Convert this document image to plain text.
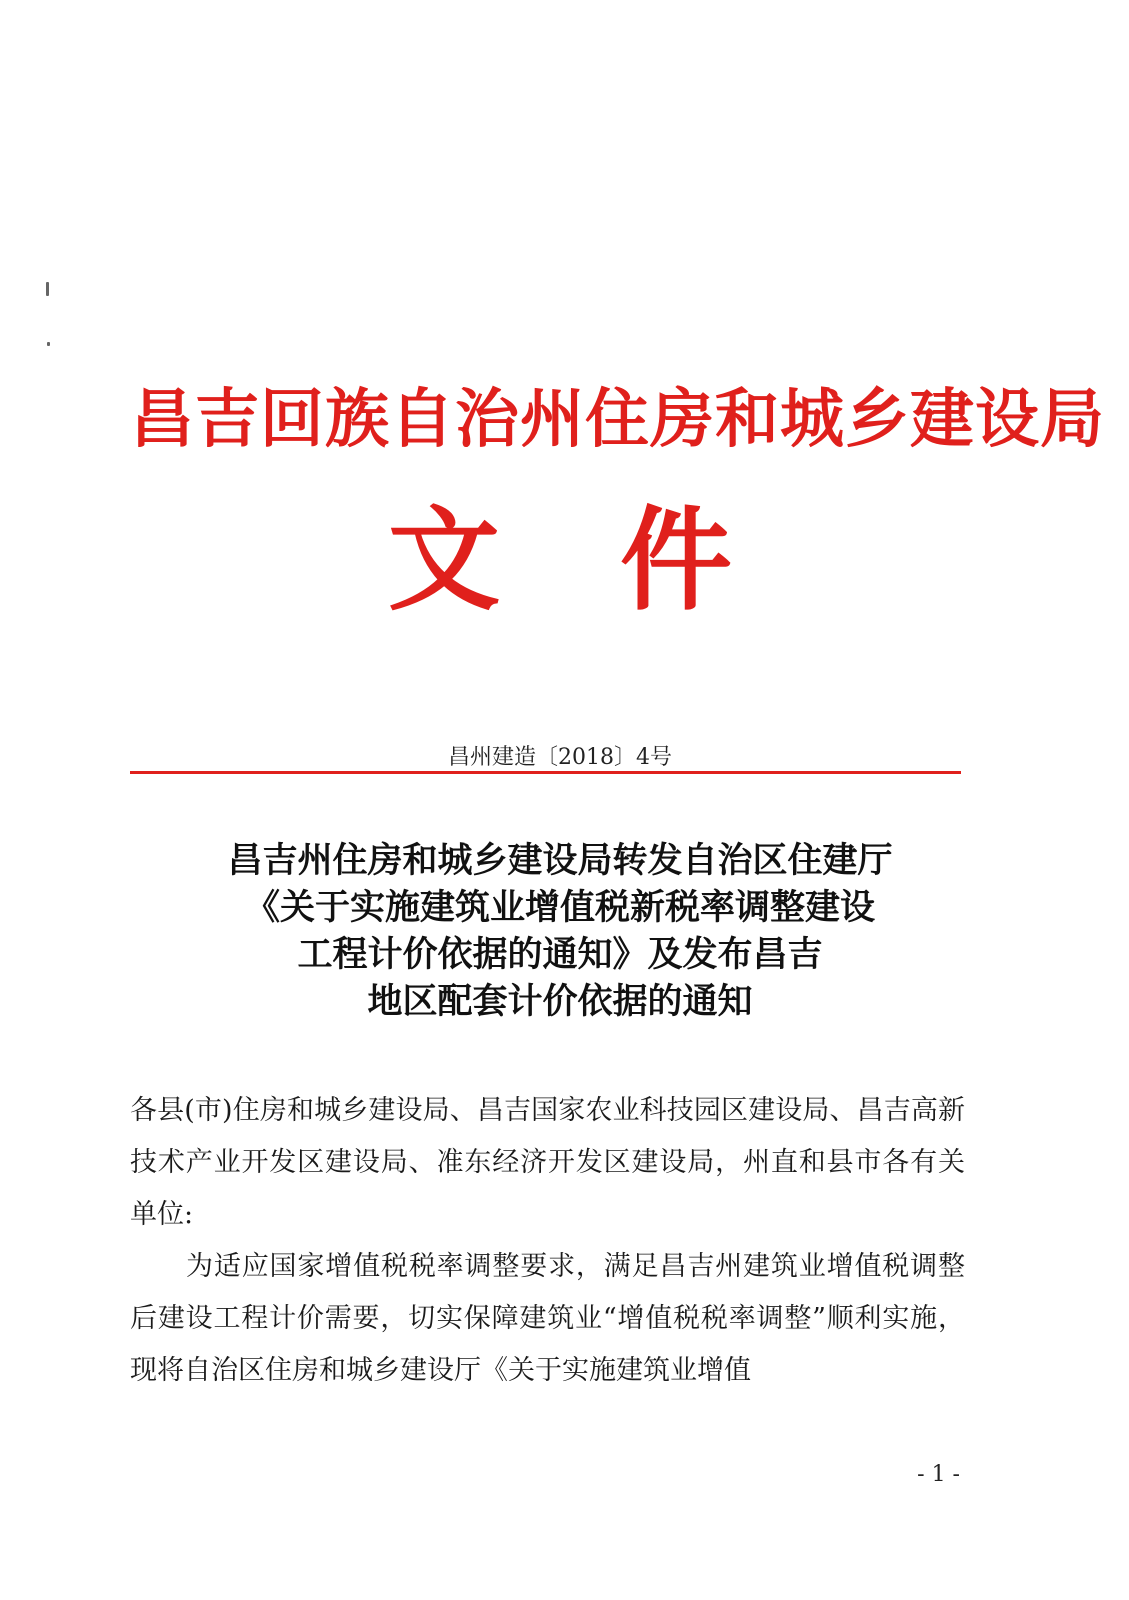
昌吉回族自治州住房和城乡建设局
文件
昌州建造〔2018〕4号
昌吉州住房和城乡建设局转发自治区住建厅
《关于实施建筑业增值税新税率调整建设
工程计价依据的通知》及发布昌吉
地区配套计价依据的通知

各县(市)住房和城乡建设局、昌吉国家农业科技园区建设局、昌吉高新技术产业开发区建设局、准东经济开发区建设局，州直和县市各有关单位:

为适应国家增值税税率调整要求，满足昌吉州建筑业增值税调整后建设工程计价需要，切实保障建筑业“增值税税率调整”顺利实施，现将自治区住房和城乡建设厅《关于实施建筑业增值

- 1 -
